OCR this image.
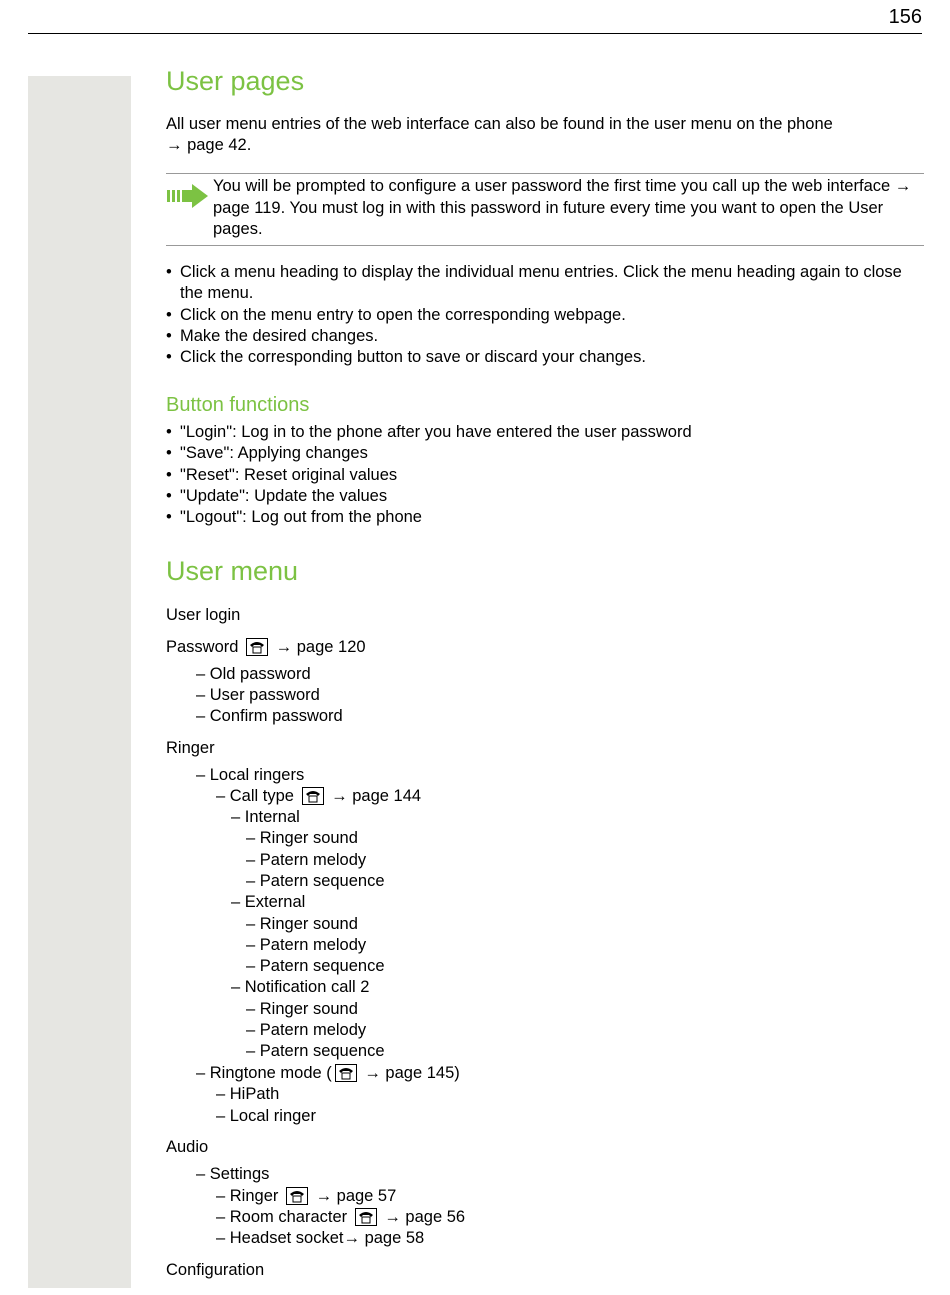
156
User pages
All user menu entries of the web interface can also be found in the user menu on the phone
→ page 42.
You will be prompted to configure a user password the first time you call up the web interface → page 119. You must log in with this password in future every time you want to open the User pages.
• Click a menu heading to display the individual menu entries. Click the menu heading again to close the menu.
• Click on the menu entry to open the corresponding webpage.
• Make the desired changes.
• Click the corresponding button to save or discard your changes.
Button functions
• "Login": Log in to the phone after you have entered the user password
• "Save": Applying changes
• "Reset": Reset original values
• "Update": Update the values
• "Logout": Log out from the phone
User menu
User login
Password → page 120
– Old password
– User password
– Confirm password
Ringer
– Local ringers
– Call type → page 144
– Internal
– Ringer sound
– Patern melody
– Patern sequence
– External
– Ringer sound
– Patern melody
– Patern sequence
– Notification call 2
– Ringer sound
– Patern melody
– Patern sequence
– Ringtone mode ( → page 145)
– HiPath
– Local ringer
Audio
– Settings
– Ringer → page 57
– Room character → page 56
– Headset socket→ page 58
Configuration
